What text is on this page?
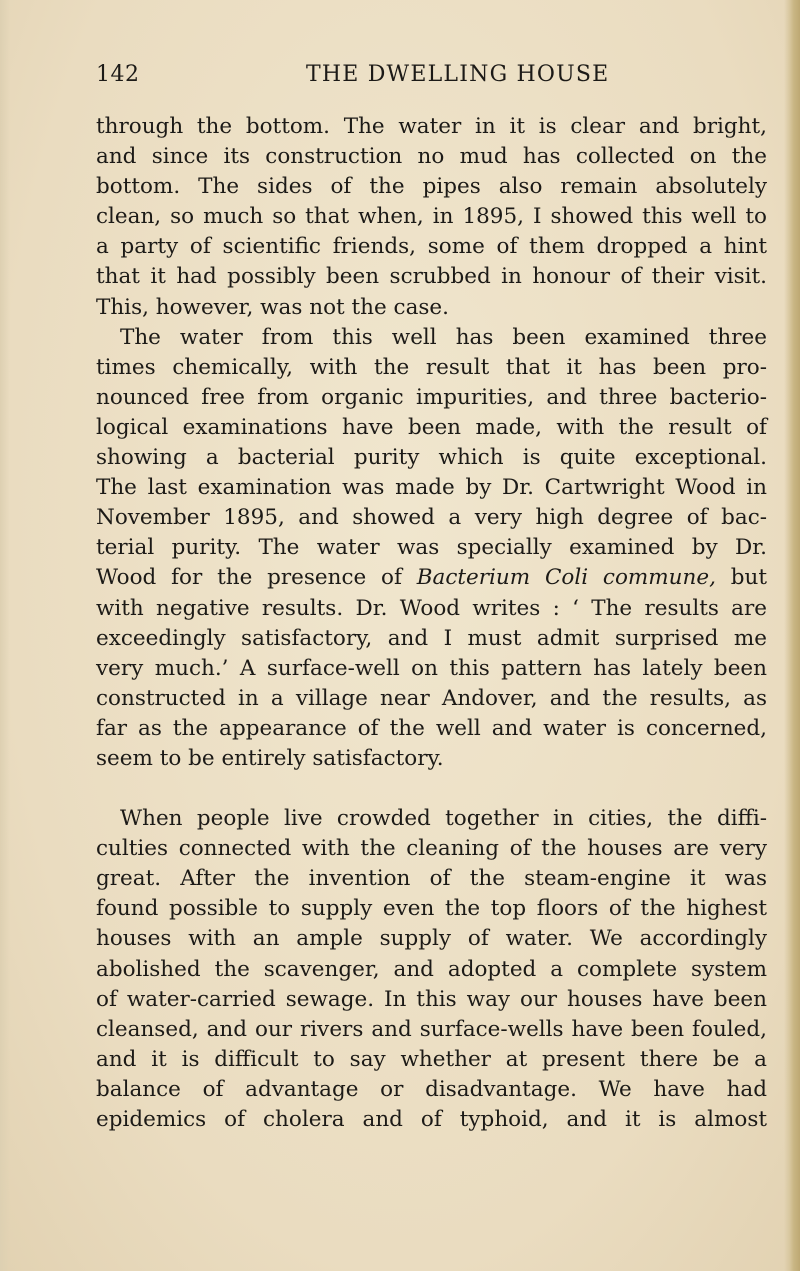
142	THE DWELLING HOUSE
through the bottom. The water in it is clear and bright,
and since its construction no mud has collected on the
bottom. The sides of the pipes also remain absolutely
clean, so much so that when, in 1895, I showed this well to
a party of scientific friends, some of them dropped a hint
that it had possibly been scrubbed in honour of their visit.
This, however, was not the case.
The water from this well has been examined three
times chemically, with the result that it has been pro-
nounced free from organic impurities, and three bacterio-
logical examinations have been made, with the result of
showing a bacterial purity which is quite exceptional.
The last examination was made by Dr. Cartwright Wood in
November 1895, and showed a very high degree of bac-
terial purity. The water was specially examined by Dr.
Wood for the presence of Bacterium Coli commune, but
with negative results. Dr. Wood writes : ‘ The results are
exceedingly satisfactory, and I must admit surprised me
very much.’ A surface-well on this pattern has lately been
constructed in a village near Andover, and the results, as
far as the appearance of the well and water is concerned,
seem to be entirely satisfactory.
When people live crowded together in cities, the diffi-
culties connected with the cleaning of the houses are very
great. After the invention of the steam-engine it was
found possible to supply even the top floors of the highest
houses with an ample supply of water. We accordingly
abolished the scavenger, and adopted a complete system
of water-carried sewage. In this way our houses have been
cleansed, and our rivers and surface-wells have been fouled,
and it is difficult to say whether at present there be a
balance of advantage or disadvantage. We have had
epidemics of cholera and of typhoid, and it is almost
